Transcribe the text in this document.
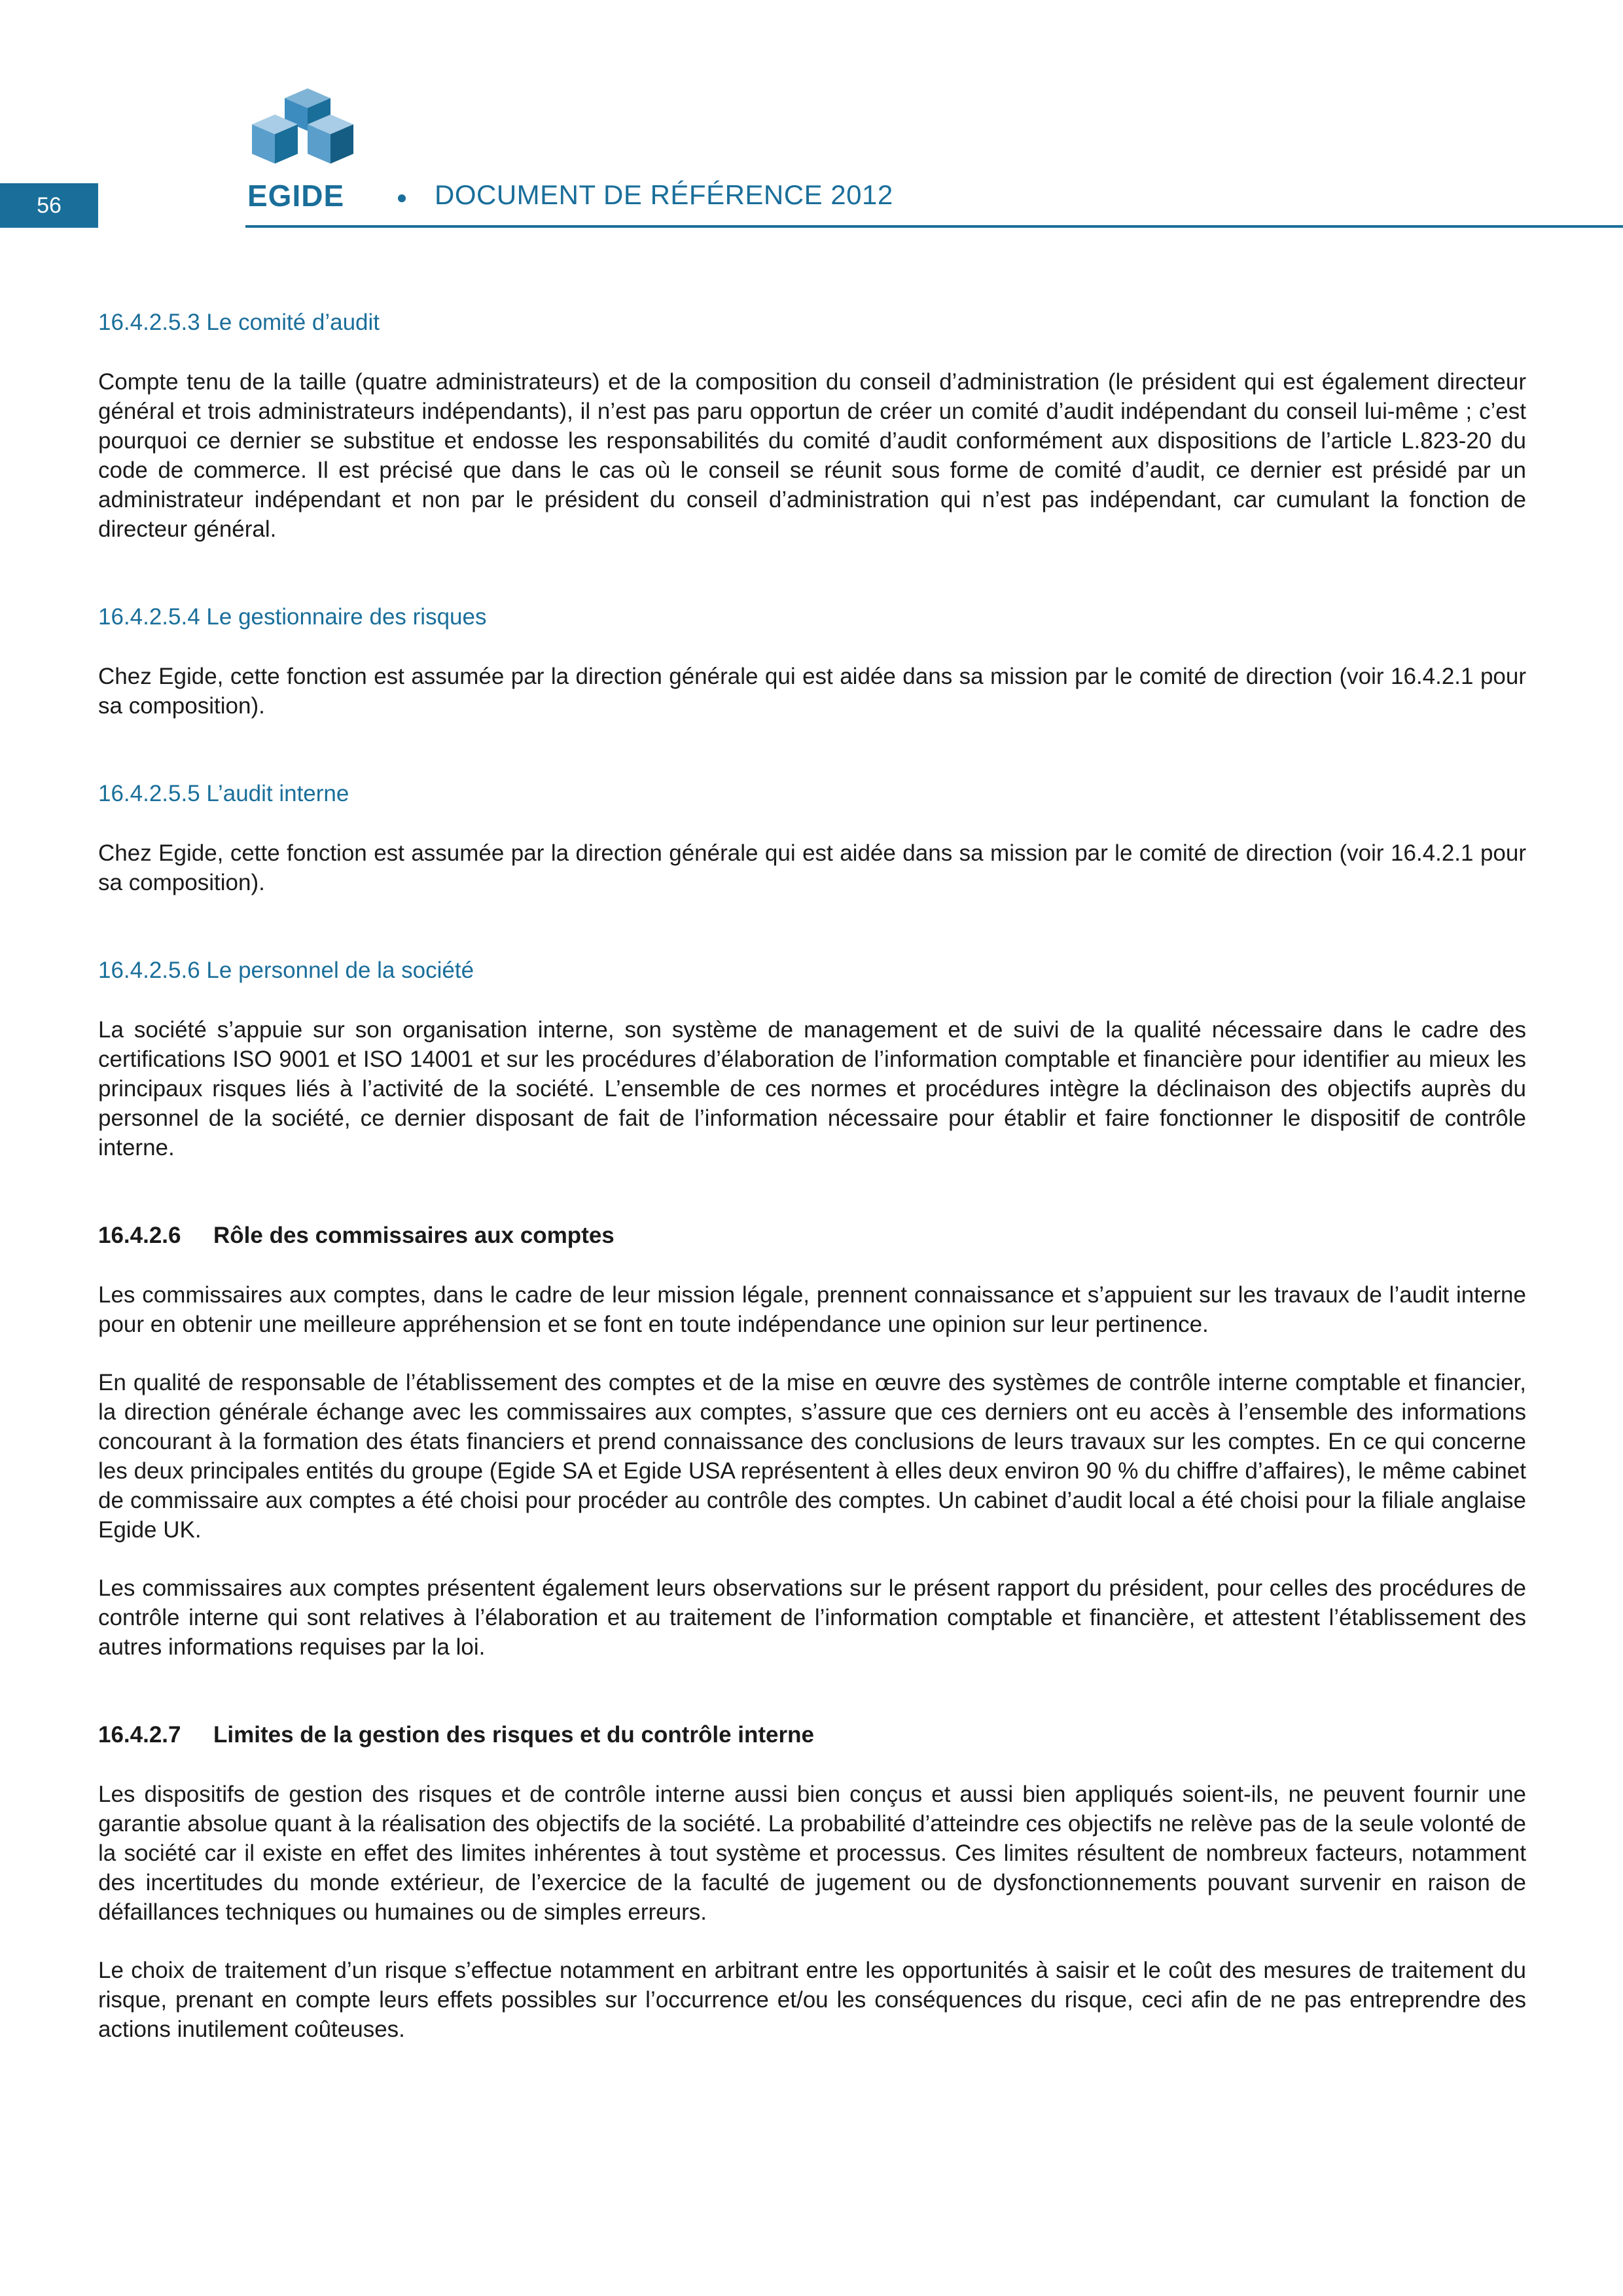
56	EGIDE	DOCUMENT DE RÉFÉRENCE 2012
16.4.2.5.3 Le comité d’audit

Compte tenu de la taille (quatre administrateurs) et de la composition du conseil d’administration (le président qui est également directeur général et trois administrateurs indépendants), il n’est pas paru opportun de créer un comité d’audit indépendant du conseil lui-même ; c’est pourquoi ce dernier se substitue et endosse les responsabilités du comité d’audit conformément aux dispositions de l’article L.823-20 du code de commerce. Il est précisé que dans le cas où le conseil se réunit sous forme de comité d’audit, ce dernier est présidé par un administrateur indépendant et non par le président du conseil d’administration qui n’est pas indépendant, car cumulant la fonction de directeur général.

16.4.2.5.4 Le gestionnaire des risques

Chez Egide, cette fonction est assumée par la direction générale qui est aidée dans sa mission par le comité de direction (voir 16.4.2.1 pour sa composition).

16.4.2.5.5 L’audit interne

Chez Egide, cette fonction est assumée par la direction générale qui est aidée dans sa mission par le comité de direction (voir 16.4.2.1 pour sa composition).

16.4.2.5.6 Le personnel de la société

La société s’appuie sur son organisation interne, son système de management et de suivi de la qualité nécessaire dans le cadre des certifications ISO 9001 et ISO 14001 et sur les procédures d’élaboration de l’information comptable et financière pour identifier au mieux les principaux risques liés à l’activité de la société. L’ensemble de ces normes et procédures intègre la déclinaison des objectifs auprès du personnel de la société, ce dernier disposant de fait de l’information nécessaire pour établir et faire fonctionner le dispositif de contrôle interne.

16.4.2.6 Rôle des commissaires aux comptes

Les commissaires aux comptes, dans le cadre de leur mission légale, prennent connaissance et s’appuient sur les travaux de l’audit interne pour en obtenir une meilleure appréhension et se font en toute indépendance une opinion sur leur pertinence.

En qualité de responsable de l’établissement des comptes et de la mise en œuvre des systèmes de contrôle interne comptable et financier, la direction générale échange avec les commissaires aux comptes, s’assure que ces derniers ont eu accès à l’ensemble des informations concourant à la formation des états financiers et prend connaissance des conclusions de leurs travaux sur les comptes. En ce qui concerne les deux principales entités du groupe (Egide SA et Egide USA représentent à elles deux environ 90 % du chiffre d’affaires), le même cabinet de commissaire aux comptes a été choisi pour procéder au contrôle des comptes. Un cabinet d’audit local a été choisi pour la filiale anglaise Egide UK.

Les commissaires aux comptes présentent également leurs observations sur le présent rapport du président, pour celles des procédures de contrôle interne qui sont relatives à l’élaboration et au traitement de l’information comptable et financière, et attestent l’établissement des autres informations requises par la loi.

16.4.2.7 Limites de la gestion des risques et du contrôle interne

Les dispositifs de gestion des risques et de contrôle interne aussi bien conçus et aussi bien appliqués soient-ils, ne peuvent fournir une garantie absolue quant à la réalisation des objectifs de la société. La probabilité d’atteindre ces objectifs ne relève pas de la seule volonté de la société car il existe en effet des limites inhérentes à tout système et processus. Ces limites résultent de nombreux facteurs, notamment des incertitudes du monde extérieur, de l’exercice de la faculté de jugement ou de dysfonctionnements pouvant survenir en raison de défaillances techniques ou humaines ou de simples erreurs.

Le choix de traitement d’un risque s’effectue notamment en arbitrant entre les opportunités à saisir et le coût des mesures de traitement du risque, prenant en compte leurs effets possibles sur l’occurrence et/ou les conséquences du risque, ceci afin de ne pas entreprendre des actions inutilement coûteuses.
